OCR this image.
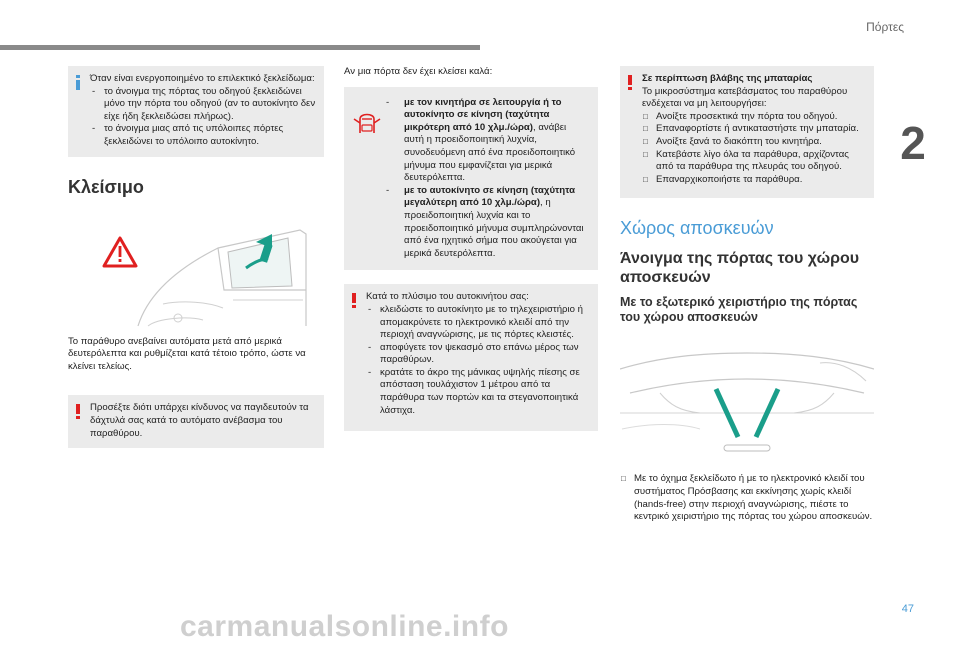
Πόρτες
2
Όταν είναι ενεργοποιημένο το επιλεκτικό ξεκλείδωμα:
- το άνοιγμα της πόρτας του οδηγού ξεκλειδώνει μόνο την πόρτα του οδηγού (αν το αυτοκίνητο δεν είχε ήδη ξεκλειδώσει πλήρως).
- το άνοιγμα μιας από τις υπόλοιπες πόρτες ξεκλειδώνει το υπόλοιπο αυτοκίνητο.
Κλείσιμο

Το παράθυρο ανεβαίνει αυτόματα μετά από μερικά δευτερόλεπτα και ρυθμίζεται κατά τέτοιο τρόπο, ώστε να κλείνει τελείως.

Προσέξτε διότι υπάρχει κίνδυνος να παγιδευτούν τα δάχτυλά σας κατά το αυτόματο ανέβασμα του παραθύρου.

Αν μια πόρτα δεν έχει κλείσει καλά:

- με τον κινητήρα σε λειτουργία ή το αυτοκίνητο σε κίνηση (ταχύτητα μικρότερη από 10 χλμ./ώρα), ανάβει αυτή η προειδοποιητική λυχνία, συνοδευόμενη από ένα προειδοποιητικό μήνυμα που εμφανίζεται για μερικά δευτερόλεπτα.
- με το αυτοκίνητο σε κίνηση (ταχύτητα μεγαλύτερη από 10 χλμ./ώρα), η προειδοποιητική λυχνία και το προειδοποιητικό μήνυμα συμπληρώνονται από ένα ηχητικό σήμα που ακούγεται για μερικά δευτερόλεπτα.
Κατά το πλύσιμο του αυτοκινήτου σας:
- κλειδώστε το αυτοκίνητο με το τηλεχειριστήριο ή απομακρύνετε το ηλεκτρονικό κλειδί από την περιοχή αναγνώρισης, με τις πόρτες κλειστές.
- αποφύγετε τον ψεκασμό στο επάνω μέρος των παραθύρων.
- κρατάτε το άκρο της μάνικας υψηλής πίεσης σε απόσταση τουλάχιστον 1 μέτρου από τα παράθυρα των πορτών και τα στεγανοποιητικά λάστιχα.
Σε περίπτωση βλάβης της μπαταρίας
Το μικροσύστημα κατεβάσματος του παραθύρου ενδέχεται να μη λειτουργήσει:
□ Ανοίξτε προσεκτικά την πόρτα του οδηγού.
□ Επαναφορτίστε ή αντικαταστήστε την μπαταρία.
□ Ανοίξτε ξανά το διακόπτη του κινητήρα.
□ Κατεβάστε λίγο όλα τα παράθυρα, αρχίζοντας από τα παράθυρα της πλευράς του οδηγού.
□ Επαναρχικοποιήστε τα παράθυρα.
Χώρος αποσκευών
Άνοιγμα της πόρτας του χώρου αποσκευών
Με το εξωτερικό χειριστήριο της πόρτας του χώρου αποσκευών

□ Με το όχημα ξεκλείδωτο ή με το ηλεκτρονικό κλειδί του συστήματος Πρόσβασης και εκκίνησης χωρίς κλειδί (hands-free) στην περιοχή αναγνώρισης, πιέστε το κεντρικό χειριστήριο της πόρτας του χώρου αποσκευών.

47
carmanualsonline.info
